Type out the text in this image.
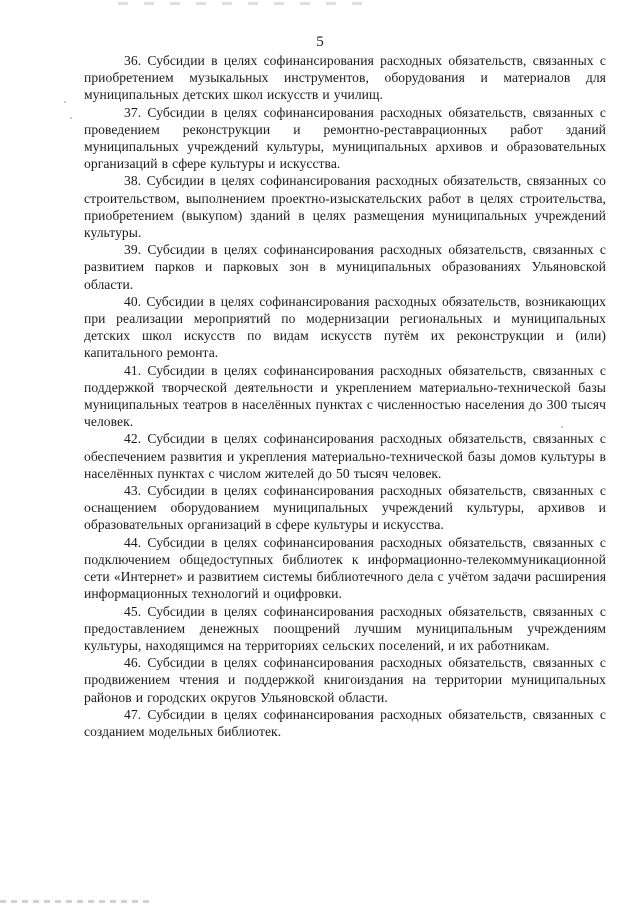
5

36. Субсидии в целях софинансирования расходных обязательств, связанных с приобретением музыкальных инструментов, оборудования и материалов для муниципальных детских школ искусств и училищ.

37. Субсидии в целях софинансирования расходных обязательств, связанных с проведением реконструкции и ремонтно-реставрационных работ зданий муниципальных учреждений культуры, муниципальных архивов и образовательных организаций в сфере культуры и искусства.

38. Субсидии в целях софинансирования расходных обязательств, связанных со строительством, выполнением проектно-изыскательских работ в целях строительства, приобретением (выкупом) зданий в целях размещения муниципальных учреждений культуры.

39. Субсидии в целях софинансирования расходных обязательств, связанных с развитием парков и парковых зон в муниципальных образованиях Ульяновской области.

40. Субсидии в целях софинансирования расходных обязательств, возникающих при реализации мероприятий по модернизации региональных и муниципальных детских школ искусств по видам искусств путём их реконструкции и (или) капитального ремонта.

41. Субсидии в целях софинансирования расходных обязательств, связанных с поддержкой творческой деятельности и укреплением материально-технической базы муниципальных театров в населённых пунктах с численностью населения до 300 тысяч человек.

42. Субсидии в целях софинансирования расходных обязательств, связанных с обеспечением развития и укрепления материально-технической базы домов культуры в населённых пунктах с числом жителей до 50 тысяч человек.

43. Субсидии в целях софинансирования расходных обязательств, связанных с оснащением оборудованием муниципальных учреждений культуры, архивов и образовательных организаций в сфере культуры и искусства.

44. Субсидии в целях софинансирования расходных обязательств, связанных с подключением общедоступных библиотек к информационно-телекоммуникационной сети «Интернет» и развитием системы библиотечного дела с учётом задачи расширения информационных технологий и оцифровки.

45. Субсидии в целях софинансирования расходных обязательств, связанных с предоставлением денежных поощрений лучшим муниципальным учреждениям культуры, находящимся на территориях сельских поселений, и их работникам.

46. Субсидии в целях софинансирования расходных обязательств, связанных с продвижением чтения и поддержкой книгоиздания на территории муниципальных районов и городских округов Ульяновской области.

47. Субсидии в целях софинансирования расходных обязательств, связанных с созданием модельных библиотек.
